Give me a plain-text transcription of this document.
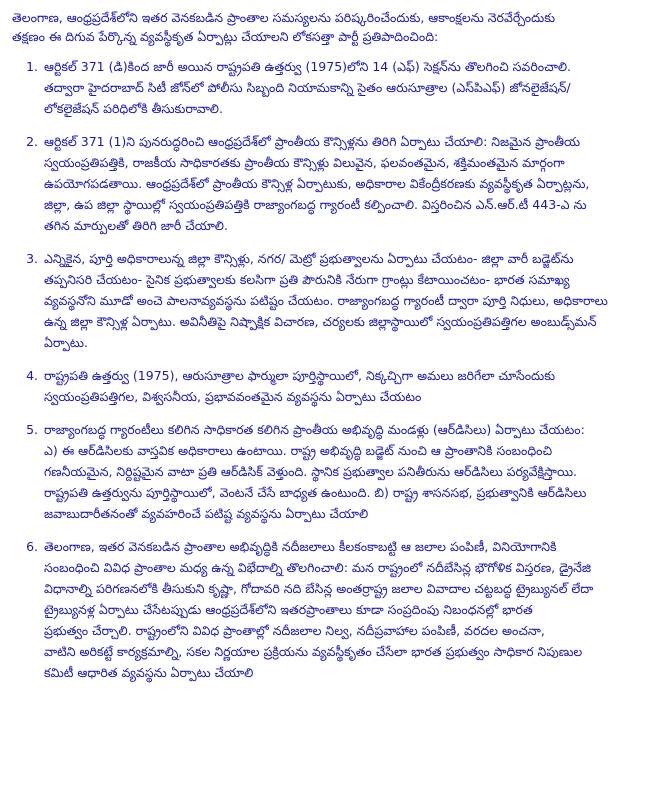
తెలంగాణ, ఆంధ్రప్రదేశ్‌లోని ఇతర వెనకబడిన ప్రాంతాల సమస్యలను పరిష్కరించేందుకు, ఆకాంక్షలను నెరవేర్చేందుకు
తక్షణం ఈ దిగువ పేర్కొన్న వ్యవస్థీకృత ఏర్పాట్లు చేయాలని లోకసత్తా పార్టీ ప్రతిపాదించింది:
1. ఆర్టికల్ 371 (డి)కింద జారీ అయిన రాష్ట్రపతి ఉత్తర్వు (1975)లోని 14 (ఎఫ్) సెక్షన్‌ను తొలగించి సవరించాలి.

తద్వారా హైదరాబాద్ సిటీ జోన్‌లో పోలీసు సిబ్బంది నియామకాన్ని సైతం ఆరుసూత్రాల (ఎస్‌పిఎఫ్) జోనలైజేషన్/

లోకలైజేషన్ పరిధిలోకి తీసుకురావాలి.

2. ఆర్టికల్ 371 (1)ని పునరుద్ధరించి ఆంధ్రప్రదేశ్‌లో ప్రాంతీయ కౌన్సిళ్లను తిరిగి ఏర్పాటు చేయాలి: నిజమైన ప్రాంతీయ

స్వయంప్రతిపత్తికి, రాజకీయ సాధికారతకు ప్రాంతీయ కౌన్సిళ్లు విలువైన, ఫలవంతమైన, శక్తిమంతమైన మార్గంగా

ఉపయోగపడతాయి. ఆంధ్రప్రదేశ్‌లో ప్రాంతీయ కౌన్సిళ్ల ఏర్పాటుకు, అధికారాల వికేంద్రీకరణకు వ్యవస్థీకృత ఏర్పాట్లను,

జిల్లా, ఉప జిల్లా స్థాయిల్లో స్వయంప్రతిపత్తికి రాజ్యాంగబద్ధ గ్యారంటీ కల్పించాలి. విస్తరించిన ఎన్.ఆర్.టీ 443-ఎ ను

తగిన మార్పులతో తిరిగి జారీ చేయాలి.

3. ఎన్నికైన, పూర్తి అధికారాలున్న జిల్లా కౌన్సిళ్లు, నగర/ మెట్రో ప్రభుత్వాలను ఏర్పాటు చేయటం- జిల్లా వారీ బడ్జెట్‌ను

తప్పనిసరి చేయటం- సైనిక ప్రభుత్వాలకు కలసిగా ప్రతి పౌరునికి నేరుగా గ్రాంట్లు కేటాయించటం- భారత సమాఖ్య

వ్యవస్థనోని మూడో అంచె పాలనావ్యవస్థను పటిష్టం చేయటం. రాజ్యాంగబద్ధ గ్యారంటీ ద్వారా పూర్తి నిధులు, అధికారాలు

ఉన్న జిల్లా కౌన్సిళ్ల ఏర్పాటు. అవినీతిపై నిష్పాక్షిక విచారణ, చర్యలకు జిల్లాస్థాయిలో స్వయంప్రతిపత్తిగల అంబుడ్స్‌మన్

ఏర్పాటు.

4. రాష్ట్రపతి ఉత్తర్వు (1975), ఆరుసూత్రాల ఫార్ములా పూర్తిస్థాయిలో, నిక్కచ్చిగా అమలు జరిగేలా చూసేందుకు

స్వయంప్రతిపత్తిగల, విశ్వసనీయ, ప్రభావవంతమైన వ్యవస్థను ఏర్పాటు చేయటం

5. రాజ్యాంగబద్ధ గ్యారంటీలు కలిగిన సాధికారత కలిగిన ప్రాంతీయ అభివృద్ధి మండళ్లు (ఆర్‌డిసిలు) ఏర్పాటు చేయటం:

ఎ) ఈ ఆర్‌డిసిలకు వాస్తవిక అధికారాలు ఉంటాయి. రాష్ట్ర అభివృద్ధి బడ్జెట్ నుంచి ఆ ప్రాంతానికి సంబంధించి

గణనీయమైన, నిర్దిష్టమైన వాటా ప్రతి ఆర్‌డిసిక్ వెళ్తుంది. స్థానిక ప్రభుత్వాల పనితీరును ఆర్‌డిసిలు పర్యవేక్షిస్తాయి.

రాష్ట్రపతి ఉత్తర్వును పూర్తిస్థాయిలో, వెంటనే చేసే బాధ్యత ఉంటుంది. బి) రాష్ట్ర శాసనసభ, ప్రభుత్వానికి ఆర్‌డిసిలు

జవాబుదారీతనంతో వ్యవహరించే పటిష్ట వ్యవస్థను ఏర్పాటు చేయాలి

6. తెలంగాణ, ఇతర వెనకబడిన ప్రాంతాల అభివృద్ధికి నదీజలాలు కీలకంకాబట్టి ఆ జలాల పంపిణీ, వినియోగానికి

సంబంధించి వివిధ ప్రాంతాల మధ్య ఉన్న విభేదాల్ని తొలగించాలి: మన రాష్ట్రంలో నదీబేసిన్ల భౌగోళిక విస్తరణ, డ్రైనేజి

విధానాల్ని పరిగణనలోకి తీసుకుని కృష్ణా, గోదావరి నది బేసిన్ల అంతర్రాష్ట్ర జలాల వివాదాల చట్టబద్ధ ట్రైబ్యునల్ లేదా

ట్రైబ్యునళ్ల ఏర్పాటు చేసేటప్పుడు ఆంధ్రప్రదేశ్‌లోని ఇతరప్రాంతాలు కూడా సంప్రదింపు నిబంధనల్లో భారత

ప్రభుత్వం చేర్చాలి. రాష్ట్రంలోని వివిధ ప్రాంతాల్లో నదీజలాల నిల్వ, నదీప్రవాహాల పంపిణీ, వరదల అంచనా,

వాటిని అరికట్టే కార్యక్రమాల్ని, సకల నిర్ణయాల ప్రక్రియను వ్యవస్థీకృతం చేసేలా భారత ప్రభుత్వం సాధికార నిపుణుల

కమిటీ ఆధారిత వ్యవస్థను ఏర్పాటు చేయాలి
